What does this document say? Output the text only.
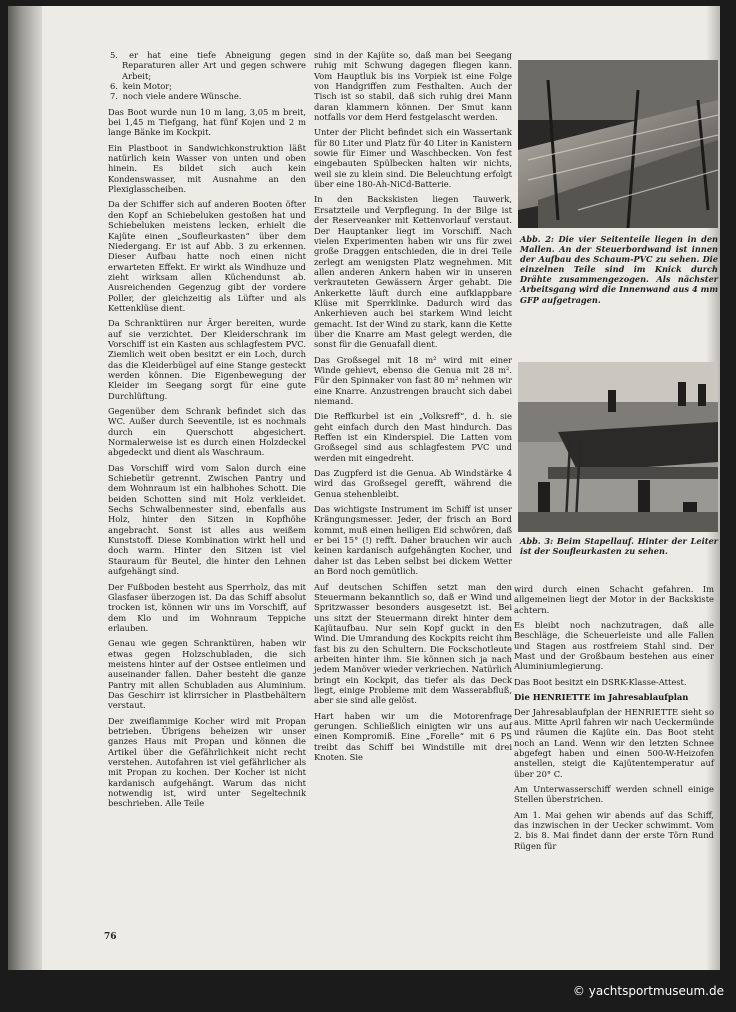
5. er hat eine tiefe Abneigung gegen Reparaturen aller Art und gegen schwere Arbeit;
6. kein Motor;
7. noch viele andere Wünsche.

Das Boot wurde nun 10 m lang, 3,05 m breit, bei 1,45 m Tiefgang, hat fünf Kojen und 2 m lange Bänke im Kockpit.

Ein Plastboot in Sandwichkonstruktion läßt natürlich kein Wasser von unten und oben hinein. Es bildet sich auch kein Kondenswasser, mit Ausnahme an den Plexiglasscheiben.

Da der Schiffer sich auf anderen Booten öfter den Kopf an Schiebeluken gestoßen hat und Schiebeluken meistens lecken, erhielt die Kajüte einen „Soufleurkasten“ über dem Niedergang. Er ist auf Abb. 3 zu erkennen. Dieser Aufbau hatte noch einen nicht erwarteten Effekt. Er wirkt als Windhuze und zieht wirksam allen Küchendunst ab. Ausreichenden Gegenzug gibt der vordere Poller, der gleichzeitig als Lüfter und als Kettenklüse dient.

Da Schranktüren nur Ärger bereiten, wurde auf sie verzichtet. Der Kleiderschrank im Vorschiff ist ein Kasten aus schlagfestem PVC. Ziemlich weit oben besitzt er ein Loch, durch das die Kleiderbügel auf eine Stange gesteckt werden können. Die Eigenbewegung der Kleider im Seegang sorgt für eine gute Durchlüftung.

Gegenüber dem Schrank befindet sich das WC. Außer durch Seeventile, ist es nochmals durch ein Querschott abgesichert. Normalerweise ist es durch einen Holzdeckel abgedeckt und dient als Waschraum.

Das Vorschiff wird vom Salon durch eine Schiebetür getrennt. Zwischen Pantry und dem Wohnraum ist ein halbhohes Schott. Die beiden Schotten sind mit Holz verkleidet. Sechs Schwalbennester sind, ebenfalls aus Holz, hinter den Sitzen in Kopfhöhe angebracht. Sonst ist alles aus weißem Kunststoff. Diese Kombination wirkt hell und doch warm. Hinter den Sitzen ist viel Stauraum für Beutel, die hinter den Lehnen aufgehängt sind.

Der Fußboden besteht aus Sperrholz, das mit Glasfaser überzogen ist. Da das Schiff absolut trocken ist, können wir uns im Vorschiff, auf dem Klo und im Wohnraum Teppiche erlauben.

Genau wie gegen Schranktüren, haben wir etwas gegen Holzschubladen, die sich meistens hinter auf der Ostsee entleimen und auseinander fallen. Daher besteht die ganze Pantry mit allen Schubladen aus Aluminium. Das Geschirr ist klirrsicher in Plastbehältern verstaut.

Der zweiflammige Kocher wird mit Propan betrieben. Übrigens beheizen wir unser ganzes Haus mit Propan und können die Artikel über die Gefährlichkeit nicht recht verstehen. Autofahren ist viel gefährlicher als mit Propan zu kochen. Der Kocher ist nicht kardanisch aufgehängt. Warum das nicht notwendig ist, wird unter Segeltechnik beschrieben. Alle Teile

sind in der Kajüte so, daß man bei Seegang ruhig mit Schwung dagegen fliegen kann. Vom Hauptluk bis ins Vorpiek ist eine Folge von Handgriffen zum Festhalten. Auch der Tisch ist so stabil, daß sich ruhig drei Mann daran klammern können. Der Smut kann notfalls vor dem Herd festgelascht werden.

Unter der Plicht befindet sich ein Wassertank für 80 Liter und Platz für 40 Liter in Kanistern sowie für Eimer und Waschbecken. Von fest eingebauten Spülbecken halten wir nichts, weil sie zu klein sind. Die Beleuchtung erfolgt über eine 180-Ah-NiCd-Batterie.

In den Backskisten liegen Tauwerk, Ersatzteile und Verpflegung. In der Bilge ist der Reserveanker mit Kettenvorlauf verstaut. Der Hauptanker liegt im Vorschiff. Nach vielen Experimenten haben wir uns für zwei große Draggen entschieden, die in drei Teile zerlegt am wenigsten Platz wegnehmen. Mit allen anderen Ankern haben wir in unseren verkrauteten Gewässern Ärger gehabt. Die Ankerkette läuft durch eine aufklappbare Klüse mit Sperrklinke. Dadurch wird das Ankerhieven auch bei starkem Wind leicht gemacht. Ist der Wind zu stark, kann die Kette über die Knarre am Mast gelegt werden, die sonst für die Genuafall dient.

Das Großsegel mit 18 m² wird mit einer Winde gehievt, ebenso die Genua mit 28 m². Für den Spinnaker von fast 80 m² nehmen wir eine Knarre. Anzustrengen braucht sich dabei niemand.

Die Reffkurbel ist ein „Volksreff“, d. h. sie geht einfach durch den Mast hindurch. Das Reffen ist ein Kinderspiel. Die Latten vom Großsegel sind aus schlagfestem PVC und werden mit eingedreht.

Das Zugpferd ist die Genua. Ab Windstärke 4 wird das Großsegel gerefft, während die Genua stehenbleibt.

Das wichtigste Instrument im Schiff ist unser Krängungsmesser. Jeder, der frisch an Bord kommt, muß einen heiligen Eid schwören, daß er bei 15° (!) refft. Daher brauchen wir auch keinen kardanisch aufgehängten Kocher, und daher ist das Leben selbst bei dickem Wetter an Bord noch gemütlich.

Auf deutschen Schiffen setzt man den Steuermann bekanntlich so, daß er Wind und Spritzwasser besonders ausgesetzt ist. Bei uns sitzt der Steuermann direkt hinter dem Kajütaufbau. Nur sein Kopf guckt in den Wind. Die Umrandung des Kockpits reicht ihm fast bis zu den Schultern. Die Fockschotleute arbeiten hinter ihm. Sie können sich ja nach jedem Manöver wieder verkriechen. Natürlich bringt ein Kockpit, das tiefer als das Deck liegt, einige Probleme mit dem Wasserabfluß, aber sie sind alle gelöst.

Hart haben wir um die Motorenfrage gerungen. Schließlich einigten wir uns auf einen Kompromiß. Eine „Forelle“ mit 6 PS treibt das Schiff bei Windstille mit drei Knoten. Sie

Abb. 2: Die vier Seitenteile liegen in den Mallen. An der Steuerbordwand ist innen der Aufbau des Schaum-PVC zu sehen. Die einzelnen Teile sind im Knick durch Drähte zusammengezogen. Als nächster Arbeitsgang wird die Innenwand aus 4 mm GFP aufgetragen.
Abb. 3: Beim Stapellauf. Hinter der Leiter ist der Soufleurkasten zu sehen.

wird durch einen Schacht gefahren. Im allgemeinen liegt der Motor in der Backskiste achtern.

Es bleibt noch nachzutragen, daß alle Beschläge, die Scheuerleiste und alle Fallen und Stagen aus rostfreiem Stahl sind. Der Mast und der Großbaum bestehen aus einer Aluminiumlegierung.

Das Boot besitzt ein DSRK-Klasse-Attest.

Die HENRIETTE im Jahresablaufplan

Der Jahresablaufplan der HENRIETTE sieht so aus. Mitte April fahren wir nach Ueckermünde und räumen die Kajüte ein. Das Boot steht noch an Land. Wenn wir den letzten Schnee abgefegt haben und einen 500-W-Heizofen anstellen, steigt die Kajütentemperatur auf über 20° C.

Am Unterwasserschiff werden schnell einige Stellen überstrichen.

Am 1. Mai gehen wir abends auf das Schiff, das inzwischen in der Uecker schwimmt. Vom 2. bis 8. Mai findet dann der erste Törn Rund Rügen für

76
© yachtsportmuseum.de
